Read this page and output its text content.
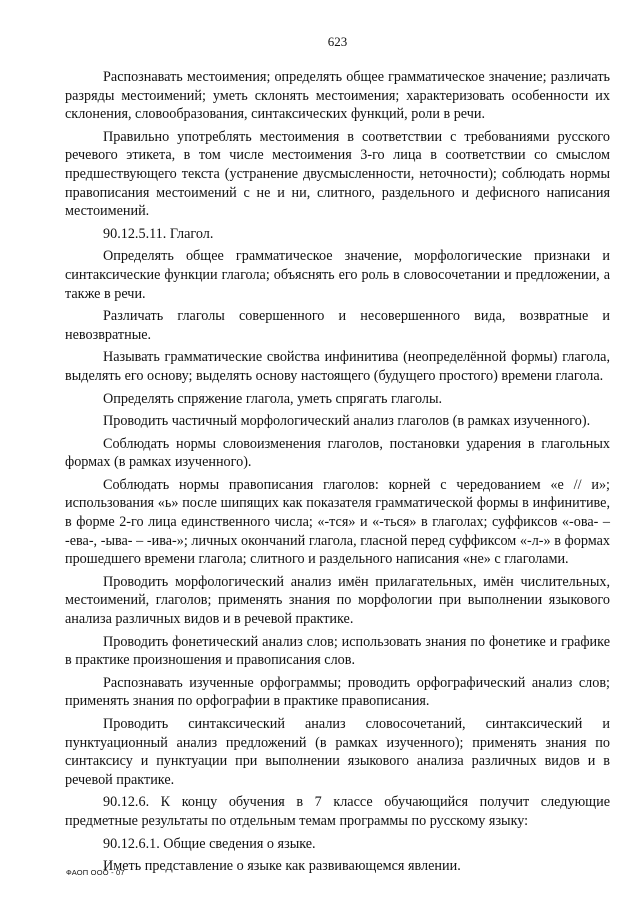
623

Распознавать местоимения; определять общее грамматическое значение; различать разряды местоимений; уметь склонять местоимения; характеризовать особенности их склонения, словообразования, синтаксических функций, роли в речи.

Правильно употреблять местоимения в соответствии с требованиями русского речевого этикета, в том числе местоимения 3-го лица в соответствии со смыслом предшествующего текста (устранение двусмысленности, неточности); соблюдать нормы правописания местоимений с не и ни, слитного, раздельного и дефисного написания местоимений.

90.12.5.11. Глагол.

Определять общее грамматическое значение, морфологические признаки и синтаксические функции глагола; объяснять его роль в словосочетании и предложении, а также в речи.

Различать глаголы совершенного и несовершенного вида, возвратные и невозвратные.

Называть грамматические свойства инфинитива (неопределённой формы) глагола, выделять его основу; выделять основу настоящего (будущего простого) времени глагола.

Определять спряжение глагола, уметь спрягать глаголы.

Проводить частичный морфологический анализ глаголов (в рамках изученного).

Соблюдать нормы словоизменения глаголов, постановки ударения в глагольных формах (в рамках изученного).

Соблюдать нормы правописания глаголов: корней с чередованием «е // и»; использования «ь» после шипящих как показателя грамматической формы в инфинитиве, в форме 2-го лица единственного числа; «-тся» и «-ться» в глаголах; суффиксов «-ова- – -ева-, -ыва- – -ива-»; личных окончаний глагола, гласной перед суффиксом «-л-» в формах прошедшего времени глагола; слитного и раздельного написания «не» с глаголами.

Проводить морфологический анализ имён прилагательных, имён числительных, местоимений, глаголов; применять знания по морфологии при выполнении языкового анализа различных видов и в речевой практике.

Проводить фонетический анализ слов; использовать знания по фонетике и графике в практике произношения и правописания слов.

Распознавать изученные орфограммы; проводить орфографический анализ слов; применять знания по орфографии в практике правописания.

Проводить синтаксический анализ словосочетаний, синтаксический и пунктуационный анализ предложений (в рамках изученного); применять знания по синтаксису и пунктуации при выполнении языкового анализа различных видов и в речевой практике.

90.12.6. К концу обучения в 7 классе обучающийся получит следующие предметные результаты по отдельным темам программы по русскому языку:

90.12.6.1. Общие сведения о языке.

Иметь представление о языке как развивающемся явлении.

ФАОП ООО - 07
